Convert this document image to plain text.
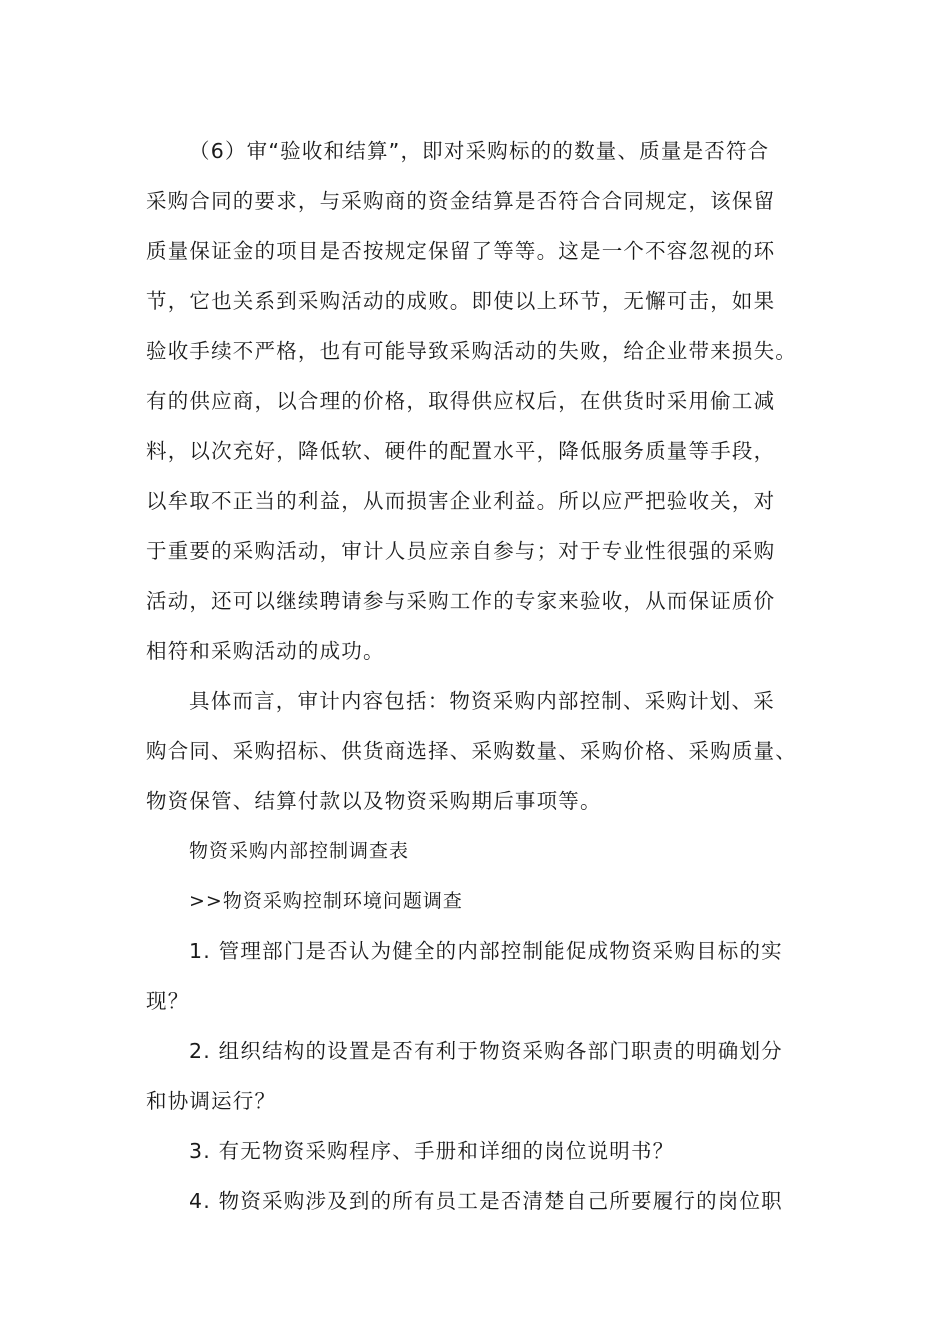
（6）审“验收和结算”，即对采购标的的数量、质量是否符合
采购合同的要求，与采购商的资金结算是否符合合同规定，该保留
质量保证金的项目是否按规定保留了等等。这是一个不容忽视的环
节，它也关系到采购活动的成败。即使以上环节，无懈可击，如果
验收手续不严格，也有可能导致采购活动的失败，给企业带来损失。
有的供应商，以合理的价格，取得供应权后，在供货时采用偷工减
料，以次充好，降低软、硬件的配置水平，降低服务质量等手段，
以牟取不正当的利益，从而损害企业利益。所以应严把验收关，对
于重要的采购活动，审计人员应亲自参与；对于专业性很强的采购
活动，还可以继续聘请参与采购工作的专家来验收，从而保证质价
相符和采购活动的成功。
具体而言，审计内容包括：物资采购内部控制、采购计划、采
购合同、采购招标、供货商选择、采购数量、采购价格、采购质量、
物资保管、结算付款以及物资采购期后事项等。
物资采购内部控制调查表
>>物资采购控制环境问题调查
1. 管理部门是否认为健全的内部控制能促成物资采购目标的实
现？
2. 组织结构的设置是否有利于物资采购各部门职责的明确划分
和协调运行？
3. 有无物资采购程序、手册和详细的岗位说明书？
4. 物资采购涉及到的所有员工是否清楚自己所要履行的岗位职
